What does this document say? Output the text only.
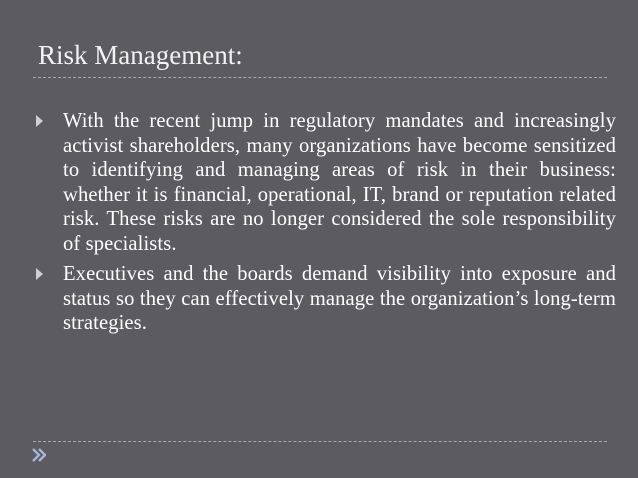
Risk Management:
With the recent jump in regulatory mandates and increasingly activist shareholders, many organizations have become sensitized to identifying and managing areas of risk in their business: whether it is financial, operational, IT, brand or reputation related risk. These risks are no longer considered the sole responsibility of specialists.
Executives and the boards demand visibility into exposure and status so they can effectively manage the organization’s long-term strategies.
